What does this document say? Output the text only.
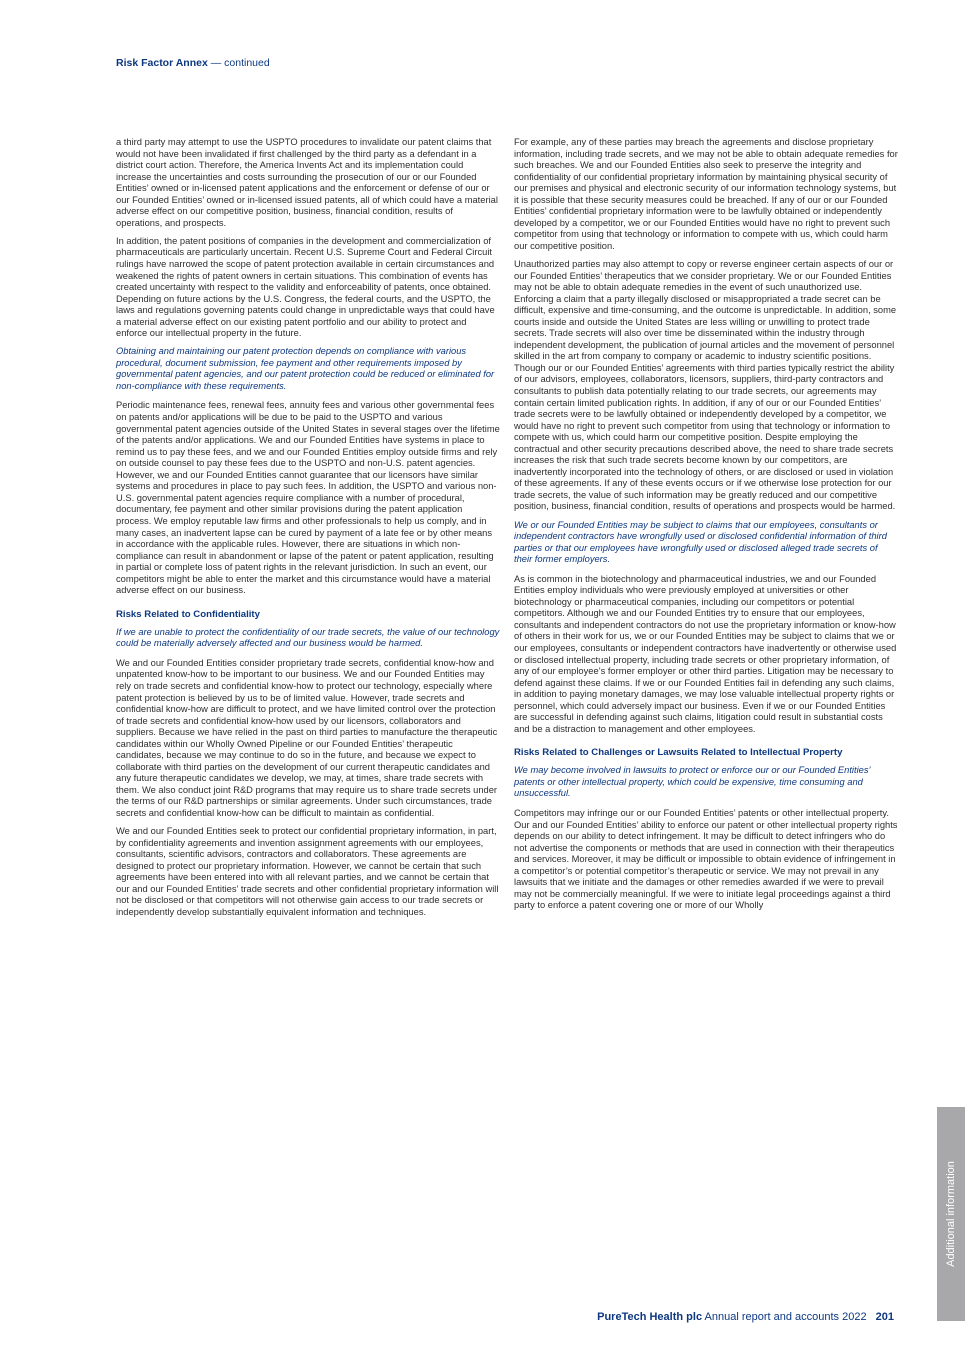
Risk Factor Annex — continued

a third party may attempt to use the USPTO procedures to invalidate our patent claims that would not have been invalidated if first challenged by the third party as a defendant in a district court action. Therefore, the America Invents Act and its implementation could increase the uncertainties and costs surrounding the prosecution of our or our Founded Entities’ owned or in-licensed patent applications and the enforcement or defense of our or our Founded Entities’ owned or in-licensed issued patents, all of which could have a material adverse effect on our competitive position, business, financial condition, results of operations, and prospects.

In addition, the patent positions of companies in the development and commercialization of pharmaceuticals are particularly uncertain. Recent U.S. Supreme Court and Federal Circuit rulings have narrowed the scope of patent protection available in certain circumstances and weakened the rights of patent owners in certain situations. This combination of events has created uncertainty with respect to the validity and enforceability of patents, once obtained. Depending on future actions by the U.S. Congress, the federal courts, and the USPTO, the laws and regulations governing patents could change in unpredictable ways that could have a material adverse effect on our existing patent portfolio and our ability to protect and enforce our intellectual property in the future.

Obtaining and maintaining our patent protection depends on compliance with various procedural, document submission, fee payment and other requirements imposed by governmental patent agencies, and our patent protection could be reduced or eliminated for non-compliance with these requirements.

Periodic maintenance fees, renewal fees, annuity fees and various other governmental fees on patents and/or applications will be due to be paid to the USPTO and various governmental patent agencies outside of the United States in several stages over the lifetime of the patents and/or applications. We and our Founded Entities have systems in place to remind us to pay these fees, and we and our Founded Entities employ outside firms and rely on outside counsel to pay these fees due to the USPTO and non-U.S. patent agencies. However, we and our Founded Entities cannot guarantee that our licensors have similar systems and procedures in place to pay such fees. In addition, the USPTO and various non-U.S. governmental patent agencies require compliance with a number of procedural, documentary, fee payment and other similar provisions during the patent application process. We employ reputable law firms and other professionals to help us comply, and in many cases, an inadvertent lapse can be cured by payment of a late fee or by other means in accordance with the applicable rules. However, there are situations in which non-compliance can result in abandonment or lapse of the patent or patent application, resulting in partial or complete loss of patent rights in the relevant jurisdiction. In such an event, our competitors might be able to enter the market and this circumstance would have a material adverse effect on our business.

Risks Related to Confidentiality

If we are unable to protect the confidentiality of our trade secrets, the value of our technology could be materially adversely affected and our business would be harmed.

We and our Founded Entities consider proprietary trade secrets, confidential know-how and unpatented know-how to be important to our business. We and our Founded Entities may rely on trade secrets and confidential know-how to protect our technology, especially where patent protection is believed by us to be of limited value. However, trade secrets and confidential know-how are difficult to protect, and we have limited control over the protection of trade secrets and confidential know-how used by our licensors, collaborators and suppliers. Because we have relied in the past on third parties to manufacture the therapeutic candidates within our Wholly Owned Pipeline or our Founded Entities’ therapeutic candidates, because we may continue to do so in the future, and because we expect to collaborate with third parties on the development of our current therapeutic candidates and any future therapeutic candidates we develop, we may, at times, share trade secrets with them. We also conduct joint R&D programs that may require us to share trade secrets under the terms of our R&D partnerships or similar agreements. Under such circumstances, trade secrets and confidential know-how can be difficult to maintain as confidential.

We and our Founded Entities seek to protect our confidential proprietary information, in part, by confidentiality agreements and invention assignment agreements with our employees, consultants, scientific advisors, contractors and collaborators. These agreements are designed to protect our proprietary information. However, we cannot be certain that such agreements have been entered into with all relevant parties, and we cannot be certain that our and our Founded Entities’ trade secrets and other confidential proprietary information will not be disclosed or that competitors will not otherwise gain access to our trade secrets or independently develop substantially equivalent information and techniques.

For example, any of these parties may breach the agreements and disclose proprietary information, including trade secrets, and we may not be able to obtain adequate remedies for such breaches. We and our Founded Entities also seek to preserve the integrity and confidentiality of our confidential proprietary information by maintaining physical security of our premises and physical and electronic security of our information technology systems, but it is possible that these security measures could be breached. If any of our or our Founded Entities’ confidential proprietary information were to be lawfully obtained or independently developed by a competitor, we or our Founded Entities would have no right to prevent such competitor from using that technology or information to compete with us, which could harm our competitive position.

Unauthorized parties may also attempt to copy or reverse engineer certain aspects of our or our Founded Entities’ therapeutics that we consider proprietary. We or our Founded Entities may not be able to obtain adequate remedies in the event of such unauthorized use. Enforcing a claim that a party illegally disclosed or misappropriated a trade secret can be difficult, expensive and time-consuming, and the outcome is unpredictable. In addition, some courts inside and outside the United States are less willing or unwilling to protect trade secrets. Trade secrets will also over time be disseminated within the industry through independent development, the publication of journal articles and the movement of personnel skilled in the art from company to company or academic to industry scientific positions. Though our or our Founded Entities’ agreements with third parties typically restrict the ability of our advisors, employees, collaborators, licensors, suppliers, third-party contractors and consultants to publish data potentially relating to our trade secrets, our agreements may contain certain limited publication rights. In addition, if any of our or our Founded Entities’ trade secrets were to be lawfully obtained or independently developed by a competitor, we would have no right to prevent such competitor from using that technology or information to compete with us, which could harm our competitive position. Despite employing the contractual and other security precautions described above, the need to share trade secrets increases the risk that such trade secrets become known by our competitors, are inadvertently incorporated into the technology of others, or are disclosed or used in violation of these agreements. If any of these events occurs or if we otherwise lose protection for our trade secrets, the value of such information may be greatly reduced and our competitive position, business, financial condition, results of operations and prospects would be harmed.

We or our Founded Entities may be subject to claims that our employees, consultants or independent contractors have wrongfully used or disclosed confidential information of third parties or that our employees have wrongfully used or disclosed alleged trade secrets of their former employers.

As is common in the biotechnology and pharmaceutical industries, we and our Founded Entities employ individuals who were previously employed at universities or other biotechnology or pharmaceutical companies, including our competitors or potential competitors. Although we and our Founded Entities try to ensure that our employees, consultants and independent contractors do not use the proprietary information or know-how of others in their work for us, we or our Founded Entities may be subject to claims that we or our employees, consultants or independent contractors have inadvertently or otherwise used or disclosed intellectual property, including trade secrets or other proprietary information, of any of our employee’s former employer or other third parties. Litigation may be necessary to defend against these claims. If we or our Founded Entities fail in defending any such claims, in addition to paying monetary damages, we may lose valuable intellectual property rights or personnel, which could adversely impact our business. Even if we or our Founded Entities are successful in defending against such claims, litigation could result in substantial costs and be a distraction to management and other employees.

Risks Related to Challenges or Lawsuits Related to Intellectual Property

We may become involved in lawsuits to protect or enforce our or our Founded Entities’ patents or other intellectual property, which could be expensive, time consuming and unsuccessful.

Competitors may infringe our or our Founded Entities’ patents or other intellectual property. Our and our Founded Entities’ ability to enforce our patent or other intellectual property rights depends on our ability to detect infringement. It may be difficult to detect infringers who do not advertise the components or methods that are used in connection with their therapeutics and services. Moreover, it may be difficult or impossible to obtain evidence of infringement in a competitor’s or potential competitor’s therapeutic or service. We may not prevail in any lawsuits that we initiate and the damages or other remedies awarded if we were to prevail may not be commercially meaningful. If we were to initiate legal proceedings against a third party to enforce a patent covering one or more of our Wholly

Additional information
PureTech Health plc Annual report and accounts 2022 201
